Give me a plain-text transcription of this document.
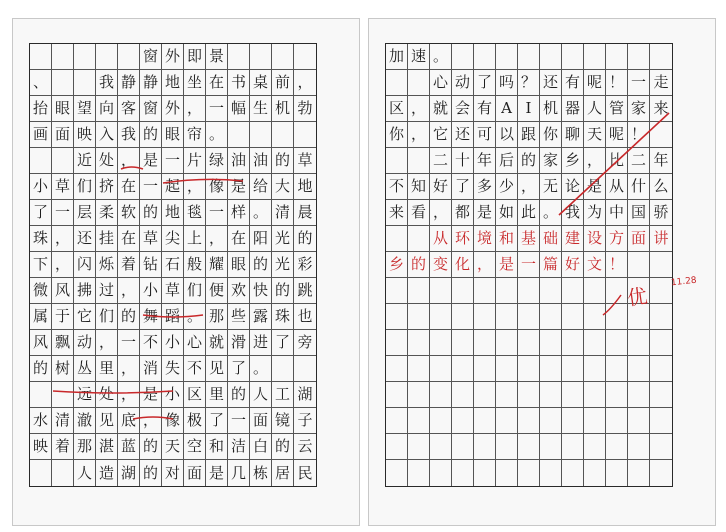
窗 外 即 景
、	我 静 静 地 坐 在 书 桌 前 ，
抬 眼 望 向 客 窗 外 ， 一 幅 生 机 勃
画 面 映 入 我 的 眼 帘 。
近 处 ， 是 一 片 绿 油 油 的 草
小 草 们 挤 在 一 起 ， 像 是 给 大 地
了 一 层 柔 软 的 地 毯 一 样 。 清 晨
珠 ， 还 挂 在 草 尖 上 ， 在 阳 光 的
下 ， 闪 烁 着 钻 石 般 耀 眼 的 光 彩
微 风 拂 过 ， 小 草 们 便 欢 快 的 跳
属 于 它 们 的 舞 蹈 。 那 些 露 珠 也
风 飘 动 ， 一 不 小 心 就 滑 进 了 旁
的 树 丛 里 ， 消 失 不 见 了 。
远 处 ， 是 小 区 里 的 人 工 湖
水 清 澈 见 底 ， 像 极 了 一 面 镜 子
映 着 那 湛 蓝 的 天 空 和 洁 白 的 云
人 造 湖 的 对 面 是 几 栋 居 民
加 速 。
心 动 了 吗 ？ 还 有 呢 ！ 一 走
区 ， 就 会 有 A I 机 器 人 管 家 来
你 ， 它 还 可 以 跟 你 聊 天 呢 ！
二 十 年 后 的 家 乡 ， 比 二 年
不 知 好 了 多 少 ， 无 论 是 从 什 么
来 看 ， 都 是 如 此 。 我 为 中 国 骄
从 环 境 和 基 础 建 设 方 面 讲
乡 的 变 化 ， 是 一 篇 好 文 ！
优
11.28
